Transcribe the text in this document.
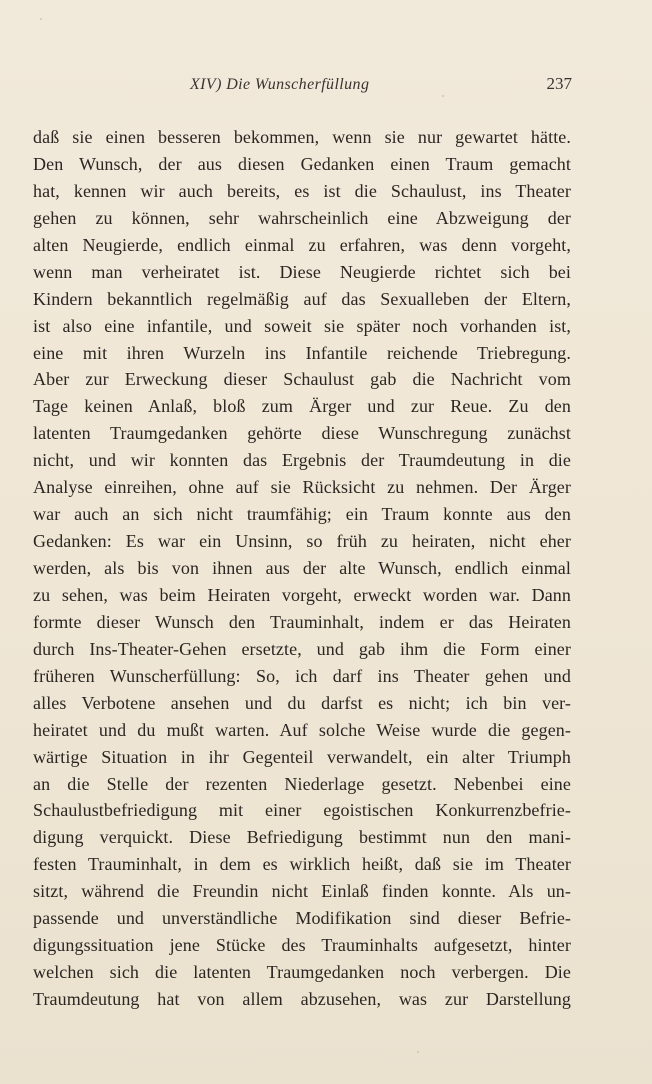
XIV) Die Wunscherfüllung	237
daß sie einen besseren bekommen, wenn sie nur gewartet hätte.
Den Wunsch, der aus diesen Gedanken einen Traum gemacht
hat, kennen wir auch bereits, es ist die Schaulust, ins Theater
gehen zu können, sehr wahrscheinlich eine Abzweigung der
alten Neugierde, endlich einmal zu erfahren, was denn vorgeht,
wenn man verheiratet ist. Diese Neugierde richtet sich bei
Kindern bekanntlich regelmäßig auf das Sexualleben der Eltern,
ist also eine infantile, und soweit sie später noch vorhanden ist,
eine mit ihren Wurzeln ins Infantile reichende Triebregung.
Aber zur Erweckung dieser Schaulust gab die Nachricht vom
Tage keinen Anlaß, bloß zum Ärger und zur Reue. Zu den
latenten Traumgedanken gehörte diese Wunschregung zunächst
nicht, und wir konnten das Ergebnis der Traumdeutung in die
Analyse einreihen, ohne auf sie Rücksicht zu nehmen. Der Ärger
war auch an sich nicht traumfähig; ein Traum konnte aus den
Gedanken: Es war ein Unsinn, so früh zu heiraten, nicht eher
werden, als bis von ihnen aus der alte Wunsch, endlich einmal
zu sehen, was beim Heiraten vorgeht, erweckt worden war. Dann
formte dieser Wunsch den Trauminhalt, indem er das Heiraten
durch Ins-Theater-Gehen ersetzte, und gab ihm die Form einer
früheren Wunscherfüllung: So, ich darf ins Theater gehen und
alles Verbotene ansehen und du darfst es nicht; ich bin ver-
heiratet und du mußt warten. Auf solche Weise wurde die gegen-
wärtige Situation in ihr Gegenteil verwandelt, ein alter Triumph
an die Stelle der rezenten Niederlage gesetzt. Nebenbei eine
Schaulustbefriedigung mit einer egoistischen Konkurrenzbefrie-
digung verquickt. Diese Befriedigung bestimmt nun den mani-
festen Trauminhalt, in dem es wirklich heißt, daß sie im Theater
sitzt, während die Freundin nicht Einlaß finden konnte. Als un-
passende und unverständliche Modifikation sind dieser Befrie-
digungssituation jene Stücke des Trauminhalts aufgesetzt, hinter
welchen sich die latenten Traumgedanken noch verbergen. Die
Traumdeutung hat von allem abzusehen, was zur Darstellung
